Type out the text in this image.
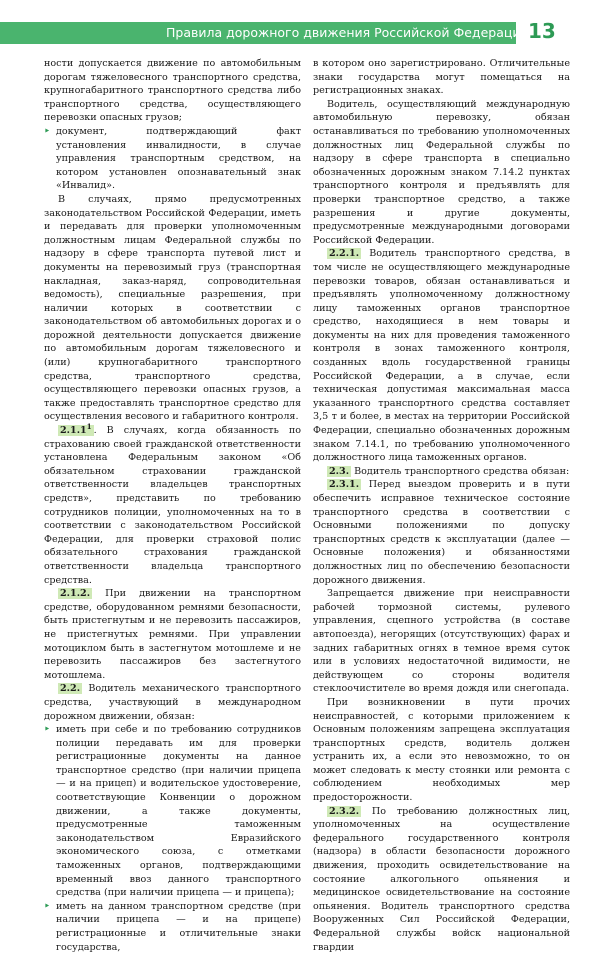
Правила дорожного движения Российской Федерации 13

ности допускается движение по автомобильным дорогам тяжеловесного транспортного средства, крупногабаритного транспортного средства либо транспортного средства, осуществляющего перевозки опасных грузов;

‣ документ, подтверждающий факт установления инвалидности, в случае управления транспортным средством, на котором установлен опознавательный знак «Инвалид».

В случаях, прямо предусмотренных законодательством Российской Федерации, иметь и передавать для проверки уполномоченным должностным лицам Федеральной службы по надзору в сфере транспорта путевой лист и документы на перевозимый груз (транспортная накладная, заказ-наряд, сопроводительная ведомость), специальные разрешения, при наличии которых в соответствии с законодательством об автомобильных дорогах и о дорожной деятельности допускается движение по автомобильным дорогам тяжеловесного и (или) крупногабаритного транспортного средства, транспортного средства, осуществляющего перевозки опасных грузов, а также предоставлять транспортное средство для осуществления весового и габаритного контроля.

2.1.1$^1$ . В случаях, когда обязанность по страхованию своей гражданской ответственности установлена Федеральным законом «Об обязательном страховании гражданской ответственности владельцев транспортных средств», представить по требованию сотрудников полиции, уполномоченных на то в соответствии с законодательством Российской Федерации, для проверки страховой полис обязательного страхования гражданской ответственности владельца транспортного средства.

2.1.2. При движении на транспортном средстве, оборудованном ремнями безопасности, быть пристегнутым и не перевозить пассажиров, не пристегнутых ремнями. При управлении мотоциклом быть в застегнутом мотошлеме и не перевозить пассажиров без застегнутого мотошлема.

2.2. Водитель механического транспортного средства, участвующий в международном дорожном движении, обязан:

‣ иметь при себе и по требованию сотрудников полиции передавать им для проверки регистрационные документы на данное транспортное средство (при наличии прицепа — и на прицеп) и водительское удостоверение, соответствующие Конвенции о дорожном движении, а также документы, предусмотренные таможенным законодательством Евразийского экономического союза, с отметками таможенных органов, подтверждающими временный ввоз данного транспортного средства (при наличии прицепа — и прицепа);
‣ иметь на данном транспортном средстве (при наличии прицепа — и на прицепе) регистрационные и отличительные знаки государства,

в котором оно зарегистрировано. Отличительные знаки государства могут помещаться на регистрационных знаках.

Водитель, осуществляющий международную автомобильную перевозку, обязан останавливаться по требованию уполномоченных должностных лиц Федеральной службы по надзору в сфере транспорта в специально обозначенных дорожным знаком 7.14.2 пунктах транспортного контроля и предъявлять для проверки транспортное средство, а также разрешения и другие документы, предусмотренные международными договорами Российской Федерации.

2.2.1. Водитель транспортного средства, в том числе не осуществляющего международные перевозки товаров, обязан останавливаться и предъявлять уполномоченному должностному лицу таможенных органов транспортное средство, находящиеся в нем товары и документы на них для проведения таможенного контроля в зонах таможенного контроля, созданных вдоль государственной границы Российской Федерации, а в случае, если техническая допустимая максимальная масса указанного транспортного средства составляет 3,5 т и более, в местах на территории Российской Федерации, специально обозначенных дорожным знаком 7.14.1, по требованию уполномоченного должностного лица таможенных органов.

2.3. Водитель транспортного средства обязан:

2.3.1. Перед выездом проверить и в пути обеспечить исправное техническое состояние транспортного средства в соответствии с Основными положениями по допуску транспортных средств к эксплуатации (далее — Основные положения) и обязанностями должностных лиц по обеспечению безопасности дорожного движения.

Запрещается движение при неисправности рабочей тормозной системы, рулевого управления, сцепного устройства (в составе автопоезда), негорящих (отсутствующих) фарах и задних габаритных огнях в темное время суток или в условиях недостаточной видимости, не действующем со стороны водителя стеклоочистителе во время дождя или снегопада.

При возникновении в пути прочих неисправностей, с которыми приложением к Основным положениям запрещена эксплуатация транспортных средств, водитель должен устранить их, а если это невозможно, то он может следовать к месту стоянки или ремонта с соблюдением необходимых мер предосторожности.

2.3.2. По требованию должностных лиц, уполномоченных на осуществление федерального государственного контроля (надзора) в области безопасности дорожного движения, проходить освидетельствование на состояние алкогольного опьянения и медицинское освидетельствование на состояние опьянения. Водитель транспортного средства Вооруженных Сил Российской Федерации, Федеральной службы войск национальной гвардии
